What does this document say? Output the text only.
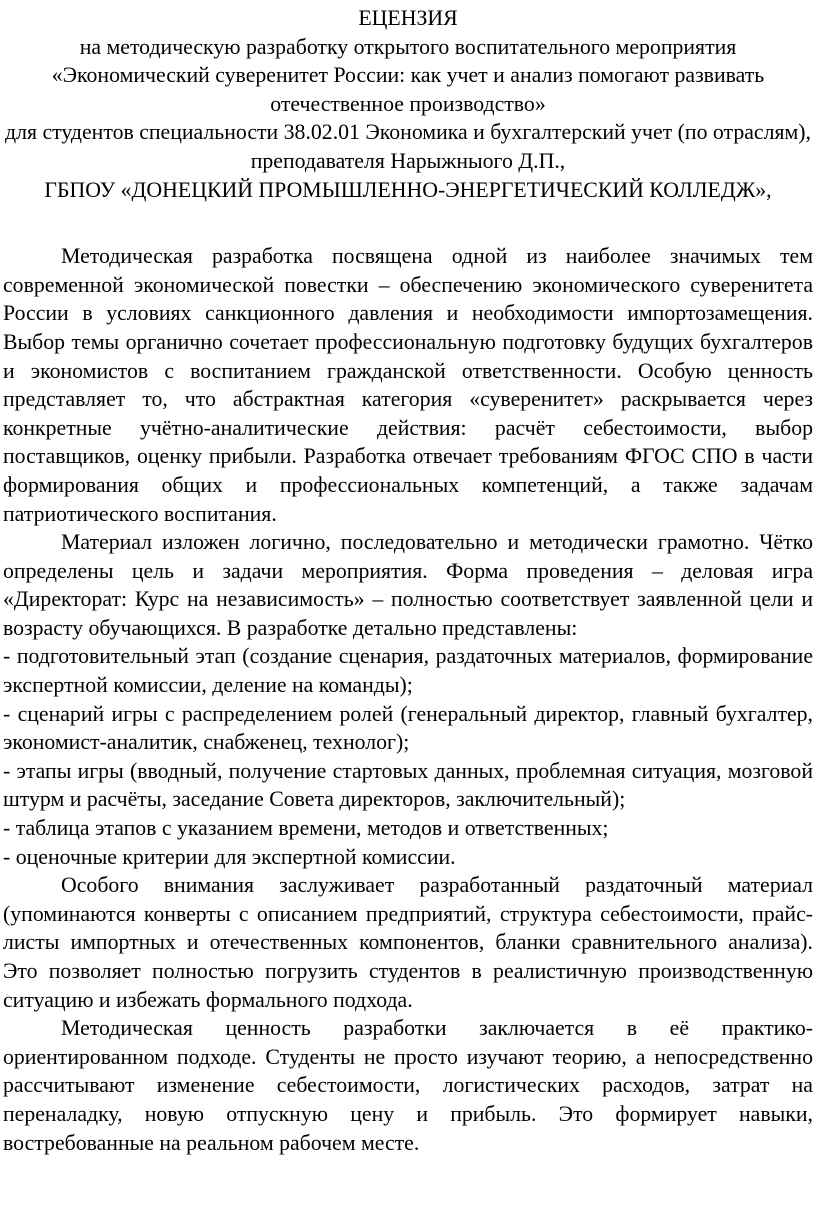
ЕЦЕНЗИЯ
на методическую разработку открытого воспитательного мероприятия
«Экономический суверенитет России: как учет и анализ помогают развивать отечественное производство»
для студентов специальности 38.02.01 Экономика и бухгалтерский учет (по отраслям), преподавателя Нарыжныого Д.П.,
ГБПОУ «ДОНЕЦКИЙ ПРОМЫШЛЕННО-ЭНЕРГЕТИЧЕСКИЙ КОЛЛЕДЖ»,

Методическая разработка посвящена одной из наиболее значимых тем современной экономической повестки – обеспечению экономического суверенитета России в условиях санкционного давления и необходимости импортозамещения. Выбор темы органично сочетает профессиональную подготовку будущих бухгалтеров и экономистов с воспитанием гражданской ответственности. Особую ценность представляет то, что абстрактная категория «суверенитет» раскрывается через конкретные учётно-аналитические действия: расчёт себестоимости, выбор поставщиков, оценку прибыли. Разработка отвечает требованиям ФГОС СПО в части формирования общих и профессиональных компетенций, а также задачам патриотического воспитания.

Материал изложен логично, последовательно и методически грамотно. Чётко определены цель и задачи мероприятия. Форма проведения – деловая игра «Директорат: Курс на независимость» – полностью соответствует заявленной цели и возрасту обучающихся. В разработке детально представлены:

- подготовительный этап (создание сценария, раздаточных материалов, формирование экспертной комиссии, деление на команды);

- сценарий игры с распределением ролей (генеральный директор, главный бухгалтер, экономист-аналитик, снабженец, технолог);

- этапы игры (вводный, получение стартовых данных, проблемная ситуация, мозговой штурм и расчёты, заседание Совета директоров, заключительный);

- таблица этапов с указанием времени, методов и ответственных;

- оценочные критерии для экспертной комиссии.

Особого внимания заслуживает разработанный раздаточный материал (упоминаются конверты с описанием предприятий, структура себестоимости, прайс-листы импортных и отечественных компонентов, бланки сравнительного анализа). Это позволяет полностью погрузить студентов в реалистичную производственную ситуацию и избежать формального подхода.

Методическая ценность разработки заключается в её практико-ориентированном подходе. Студенты не просто изучают теорию, а непосредственно рассчитывают изменение себестоимости, логистических расходов, затрат на переналадку, новую отпускную цену и прибыль. Это формирует навыки, востребованные на реальном рабочем месте.
